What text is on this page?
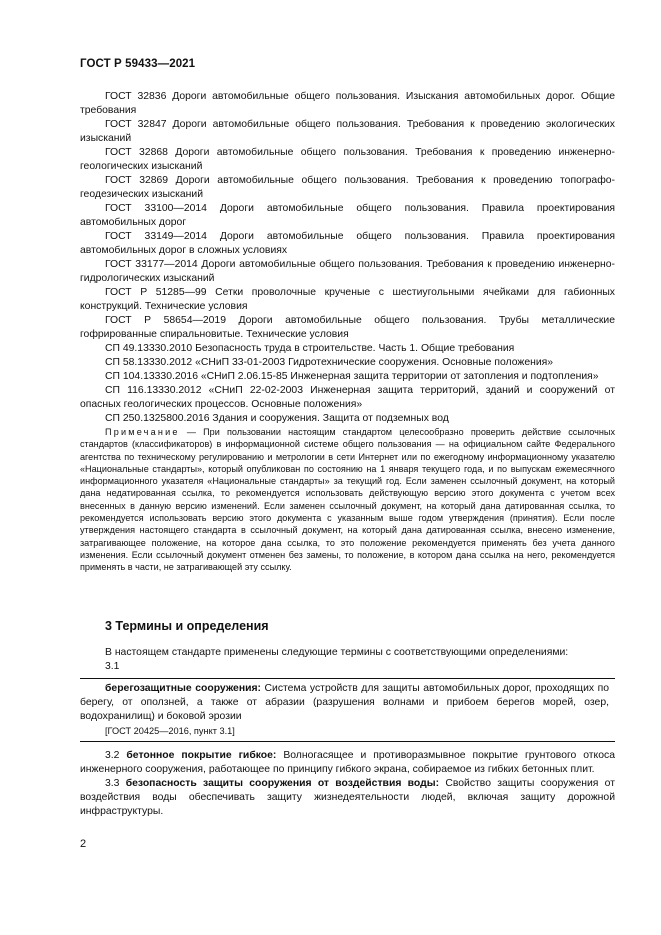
ГОСТ Р 59433—2021

ГОСТ 32836 Дороги автомобильные общего пользования. Изыскания автомобильных дорог. Общие требования

ГОСТ 32847 Дороги автомобильные общего пользования. Требования к проведению экологических изысканий

ГОСТ 32868 Дороги автомобильные общего пользования. Требования к проведению инженерно-геологических изысканий

ГОСТ 32869 Дороги автомобильные общего пользования. Требования к проведению топографо-геодезических изысканий

ГОСТ 33100—2014 Дороги автомобильные общего пользования. Правила проектирования автомобильных дорог

ГОСТ 33149—2014 Дороги автомобильные общего пользования. Правила проектирования автомобильных дорог в сложных условиях

ГОСТ 33177—2014 Дороги автомобильные общего пользования. Требования к проведению инженерно-гидрологических изысканий

ГОСТ Р 51285—99 Сетки проволочные крученые с шестиугольными ячейками для габионных конструкций. Технические условия

ГОСТ Р 58654—2019 Дороги автомобильные общего пользования. Трубы металлические гофрированные спиральновитые. Технические условия

СП 49.13330.2010 Безопасность труда в строительстве. Часть 1. Общие требования

СП 58.13330.2012 «СНиП 33-01-2003 Гидротехнические сооружения. Основные положения»

СП 104.13330.2016 «СНиП 2.06.15-85 Инженерная защита территории от затопления и подтопления»

СП 116.13330.2012 «СНиП 22-02-2003 Инженерная защита территорий, зданий и сооружений от опасных геологических процессов. Основные положения»

СП 250.1325800.2016 Здания и сооружения. Защита от подземных вод

Примечание — При пользовании настоящим стандартом целесообразно проверить действие ссылочных стандартов (классификаторов) в информационной системе общего пользования — на официальном сайте Федерального агентства по техническому регулированию и метрологии в сети Интернет или по ежегодному информационному указателю «Национальные стандарты», который опубликован по состоянию на 1 января текущего года, и по выпускам ежемесячного информационного указателя «Национальные стандарты» за текущий год. Если заменен ссылочный документ, на который дана недатированная ссылка, то рекомендуется использовать действующую версию этого документа с учетом всех внесенных в данную версию изменений. Если заменен ссылочный документ, на который дана датированная ссылка, то рекомендуется использовать версию этого документа с указанным выше годом утверждения (принятия). Если после утверждения настоящего стандарта в ссылочный документ, на который дана датированная ссылка, внесено изменение, затрагивающее положение, на которое дана ссылка, то это положение рекомендуется применять без учета данного изменения. Если ссылочный документ отменен без замены, то положение, в котором дана ссылка на него, рекомендуется применять в части, не затрагивающей эту ссылку.

3 Термины и определения

В настоящем стандарте применены следующие термины с соответствующими определениями:

3.1

берегозащитные сооружения: Система устройств для защиты автомобильных дорог, проходящих по берегу, от оползней, а также от абразии (разрушения волнами и прибоем берегов морей, озер, водохранилищ) и боковой эрозии

[ГОСТ 20425—2016, пункт 3.1]

3.2 бетонное покрытие гибкое: Волногасящее и противоразмывное покрытие грунтового откоса инженерного сооружения, работающее по принципу гибкого экрана, собираемое из гибких бетонных плит.

3.3 безопасность защиты сооружения от воздействия воды: Свойство защиты сооружения от воздействия воды обеспечивать защиту жизнедеятельности людей, включая защиту дорожной инфраструктуры.

2
